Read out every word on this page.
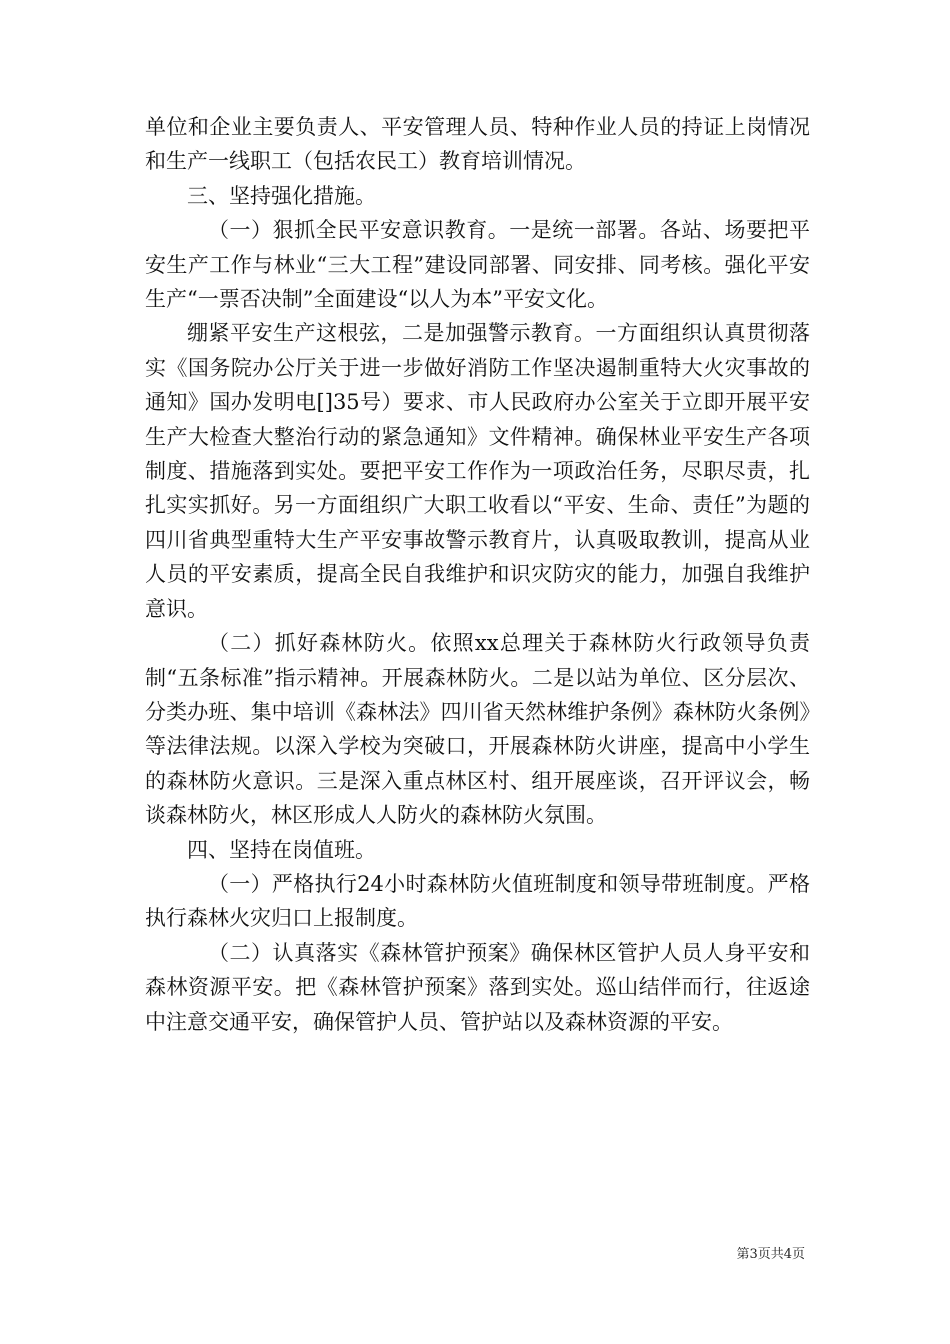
单位和企业主要负责人、平安管理人员、特种作业人员的持证上岗情况和生产一线职工（包括农民工）教育培训情况。

三、坚持强化措施。

（一）狠抓全民平安意识教育。一是统一部署。各站、场要把平安生产工作与林业“三大工程”建设同部署、同安排、同考核。强化平安生产“一票否决制”全面建设“以人为本”平安文化。

绷紧平安生产这根弦，二是加强警示教育。一方面组织认真贯彻落实《国务院办公厅关于进一步做好消防工作坚决遏制重特大火灾事故的通知》国办发明电[]35号）要求、市人民政府办公室关于立即开展平安生产大检查大整治行动的紧急通知》文件精神。确保林业平安生产各项制度、措施落到实处。要把平安工作作为一项政治任务，尽职尽责，扎扎实实抓好。另一方面组织广大职工收看以“平安、生命、责任”为题的四川省典型重特大生产平安事故警示教育片，认真吸取教训，提高从业人员的平安素质，提高全民自我维护和识灾防灾的能力，加强自我维护意识。

（二）抓好森林防火。依照xx总理关于森林防火行政领导负责制“五条标准”指示精神。开展森林防火。二是以站为单位、区分层次、分类办班、集中培训《森林法》四川省天然林维护条例》森林防火条例》等法律法规。以深入学校为突破口，开展森林防火讲座，提高中小学生的森林防火意识。三是深入重点林区村、组开展座谈，召开评议会，畅谈森林防火，林区形成人人防火的森林防火氛围。

四、坚持在岗值班。

（一）严格执行24小时森林防火值班制度和领导带班制度。严格执行森林火灾归口上报制度。

（二）认真落实《森林管护预案》确保林区管护人员人身平安和森林资源平安。把《森林管护预案》落到实处。巡山结伴而行，往返途中注意交通平安，确保管护人员、管护站以及森林资源的平安。

第3页共4页
